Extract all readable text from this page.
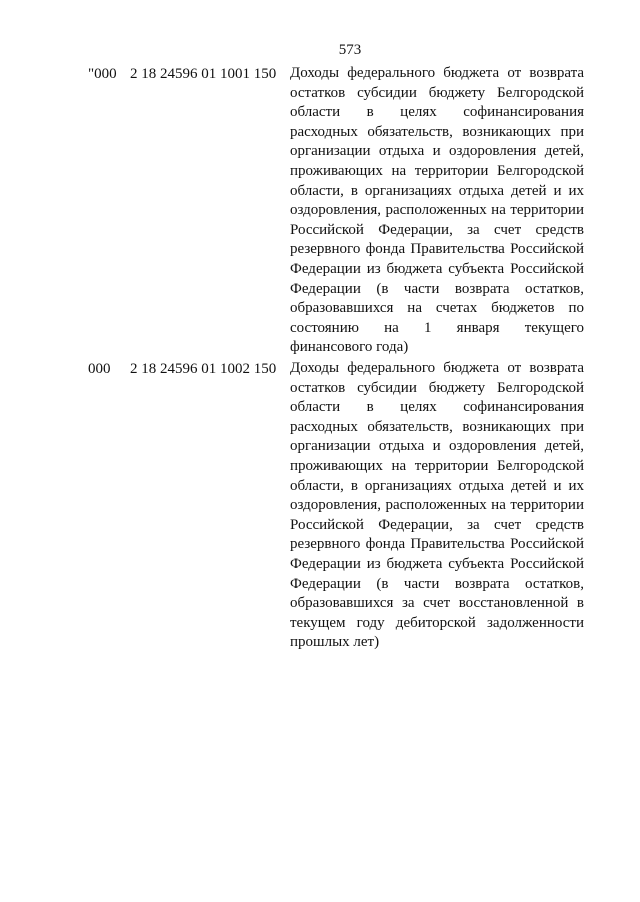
573
"000 2 18 24596 01 1001 150 Доходы федерального бюджета от возврата остатков субсидии бюджету Белгородской области в целях софинансирования расходных обязательств, возникающих при организации отдыха и оздоровления детей, проживающих на территории Белгородской области, в организациях отдыха детей и их оздоровления, расположенных на территории Российской Федерации, за счет средств резервного фонда Правительства Российской Федерации из бюджета субъекта Российской Федерации (в части возврата остатков, образовавшихся на счетах бюджетов по состоянию на 1 января текущего финансового года)
000 2 18 24596 01 1002 150 Доходы федерального бюджета от возврата остатков субсидии бюджету Белгородской области в целях софинансирования расходных обязательств, возникающих при организации отдыха и оздоровления детей, проживающих на территории Белгородской области, в организациях отдыха детей и их оздоровления, расположенных на территории Российской Федерации, за счет средств резервного фонда Правительства Российской Федерации из бюджета субъекта Российской Федерации (в части возврата остатков, образовавшихся за счет восстановленной в текущем году дебиторской задолженности прошлых лет)
